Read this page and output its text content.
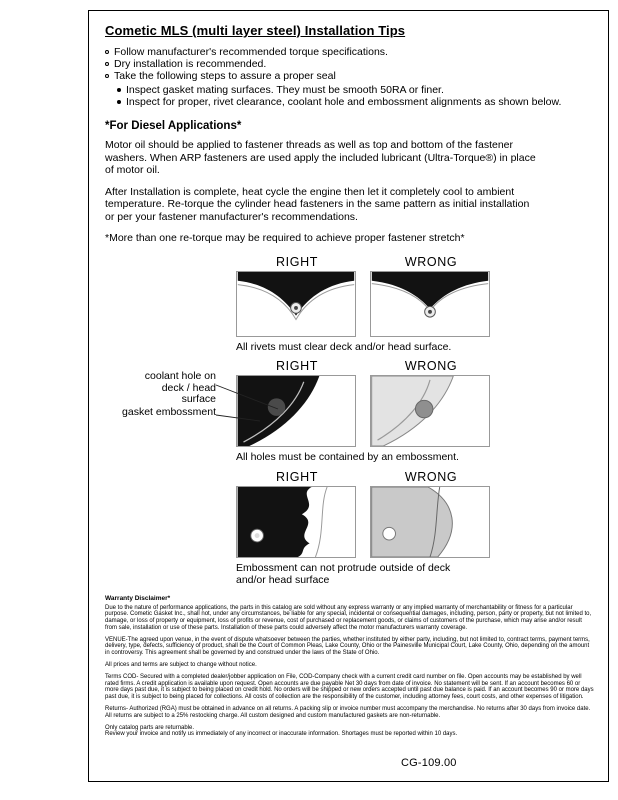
Cometic MLS (multi layer steel) Installation Tips
Follow manufacturer's recommended torque specifications.
Dry installation is recommended.
Take the following steps to assure a proper seal
Inspect gasket mating surfaces. They must be smooth 50RA or finer.
Inspect for proper, rivet clearance, coolant hole and embossment alignments as shown below.
*For Diesel Applications*

Motor oil should be applied to fastener threads as well as top and bottom of the fastener washers. When ARP fasteners are used apply the included lubricant (Ultra-Torque®) in place of motor oil.

After Installation is complete, heat cycle the engine then let it completely cool to ambient temperature. Re-torque the cylinder head fasteners in the same pattern as initial installation or per your fastener manufacturer's recommendations.

*More than one re-torque may be required to achieve proper fastener stretch*
RIGHT	WRONG
All rivets must clear deck and/or head surface.
coolant hole on deck / head surface
gasket embossment
RIGHT	WRONG
All holes must be contained by an embossment.
RIGHT	WRONG
Embossment can not protrude outside of deck and/or head surface
Warranty Disclaimer*

Due to the nature of performance applications, the parts in this catalog are sold without any express warranty or any implied warranty of merchantability or fitness for a particular purpose. Cometic Gasket Inc., shall not, under any circumstances, be liable for any special, incidental or consequential damages, including, person, party or property, but not limited to, damage, or loss of property or equipment, loss of profits or revenue, cost of purchased or replacement goods, or claims of customers of the purchase, which may arise and/or result from sale, installation or use of these parts. Installation of these parts could adversely affect the motor manufacturers warranty coverage.

VENUE-The agreed upon venue, in the event of dispute whatsoever between the parties, whether instituted by either party, including, but not limited to, contract terms, payment terms, delivery, type, defects, sufficiency of product, shall be the Court of Common Pleas, Lake County, Ohio or the Painesville Municipal Court, Lake County, Ohio, depending on the amount in controversy. This agreement shall be governed by and construed under the laws of the State of Ohio.

All prices and terms are subject to change without notice.

Terms COD- Secured with a completed dealer/jobber application on File, COD-Company check with a current credit card number on file. Open accounts may be established by well rated firms. A credit application is available upon request. Open accounts are due payable Net 30 days from date of invoice. No statement will be sent. If an account becomes 60 or more days past due, it is subject to being placed on credit hold. No orders will be shipped or new orders accepted until past due balance is paid. If an account becomes 90 or more days past due, it is subject to being placed for collections. All costs of collection are the responsibility of the customer, including attorney fees, court costs, and other expenses of litigation.

Returns- Authorized (RGA) must be obtained in advance on all returns. A packing slip or invoice number must accompany the merchandise. No returns after 30 days from invoice date. All returns are subject to a 25% restocking charge. All custom designed and custom manufactured gaskets are non-returnable.

Only catalog parts are returnable.

Review your invoice and notify us immediately of any incorrect or inaccurate information. Shortages must be reported within 10 days.

CG-109.00
